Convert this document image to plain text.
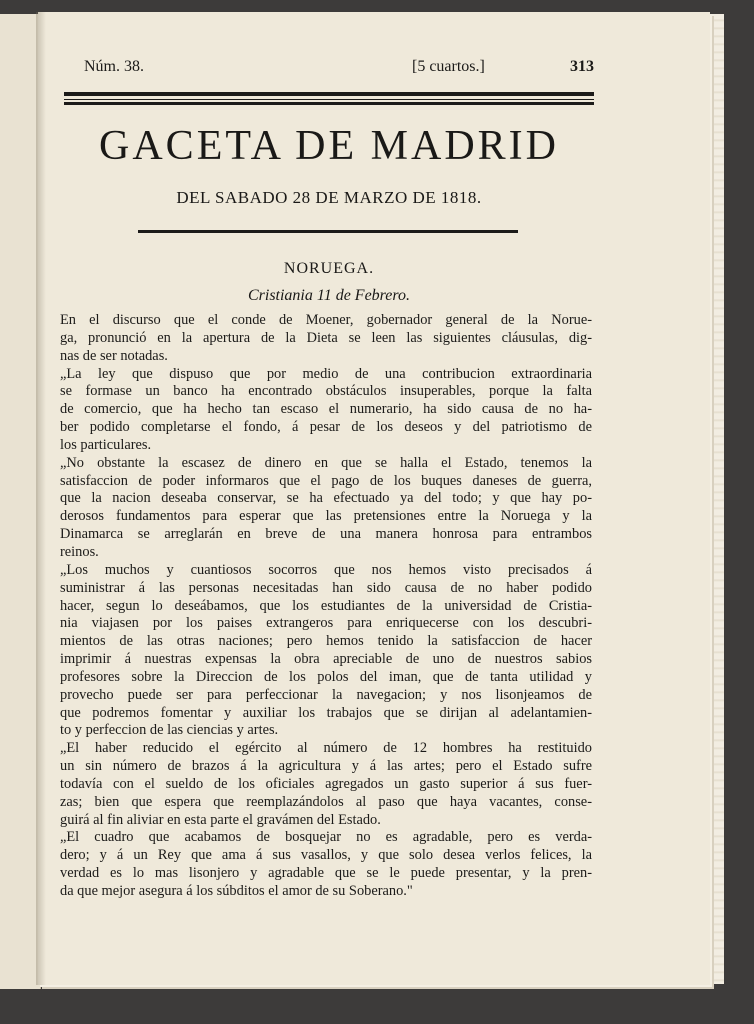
Núm. 38.	[5 cuartos.]	313
GACETA DE MADRID
DEL SABADO 28 DE MARZO DE 1818.
NORUEGA.
Cristiania 11 de Febrero.
En el discurso que el conde de Moener, gobernador general de la Norue-
ga, pronunció en la apertura de la Dieta se leen las siguientes cláusulas, dig-
nas de ser notadas.
„La ley que dispuso que por medio de una contribucion extraordinaria
se formase un banco ha encontrado obstáculos insuperables, porque la falta
de comercio, que ha hecho tan escaso el numerario, ha sido causa de no ha-
ber podido completarse el fondo, á pesar de los deseos y del patriotismo de
los particulares.
„No obstante la escasez de dinero en que se halla el Estado, tenemos la
satisfaccion de poder informaros que el pago de los buques daneses de guerra,
que la nacion deseaba conservar, se ha efectuado ya del todo; y que hay po-
derosos fundamentos para esperar que las pretensiones entre la Noruega y la
Dinamarca se arreglarán en breve de una manera honrosa para entrambos
reinos.
„Los muchos y cuantiosos socorros que nos hemos visto precisados á
suministrar á las personas necesitadas han sido causa de no haber podido
hacer, segun lo deseábamos, que los estudiantes de la universidad de Cristia-
nia viajasen por los paises extrangeros para enriquecerse con los descubri-
mientos de las otras naciones; pero hemos tenido la satisfaccion de hacer
imprimir á nuestras expensas la obra apreciable de uno de nuestros sabios
profesores sobre la Direccion de los polos del iman, que de tanta utilidad y
provecho puede ser para perfeccionar la navegacion; y nos lisonjeamos de
que podremos fomentar y auxiliar los trabajos que se dirijan al adelantamien-
to y perfeccion de las ciencias y artes.
„El haber reducido el egército al número de 12 hombres ha restituido
un sin número de brazos á la agricultura y á las artes; pero el Estado sufre
todavía con el sueldo de los oficiales agregados un gasto superior á sus fuer-
zas; bien que espera que reemplazándolos al paso que haya vacantes, conse-
guirá al fin aliviar en esta parte el gravámen del Estado.
„El cuadro que acabamos de bosquejar no es agradable, pero es verda-
dero; y á un Rey que ama á sus vasallos, y que solo desea verlos felices, la
verdad es lo mas lisonjero y agradable que se le puede presentar, y la pren-
da que mejor asegura á los súbditos el amor de su Soberano."
